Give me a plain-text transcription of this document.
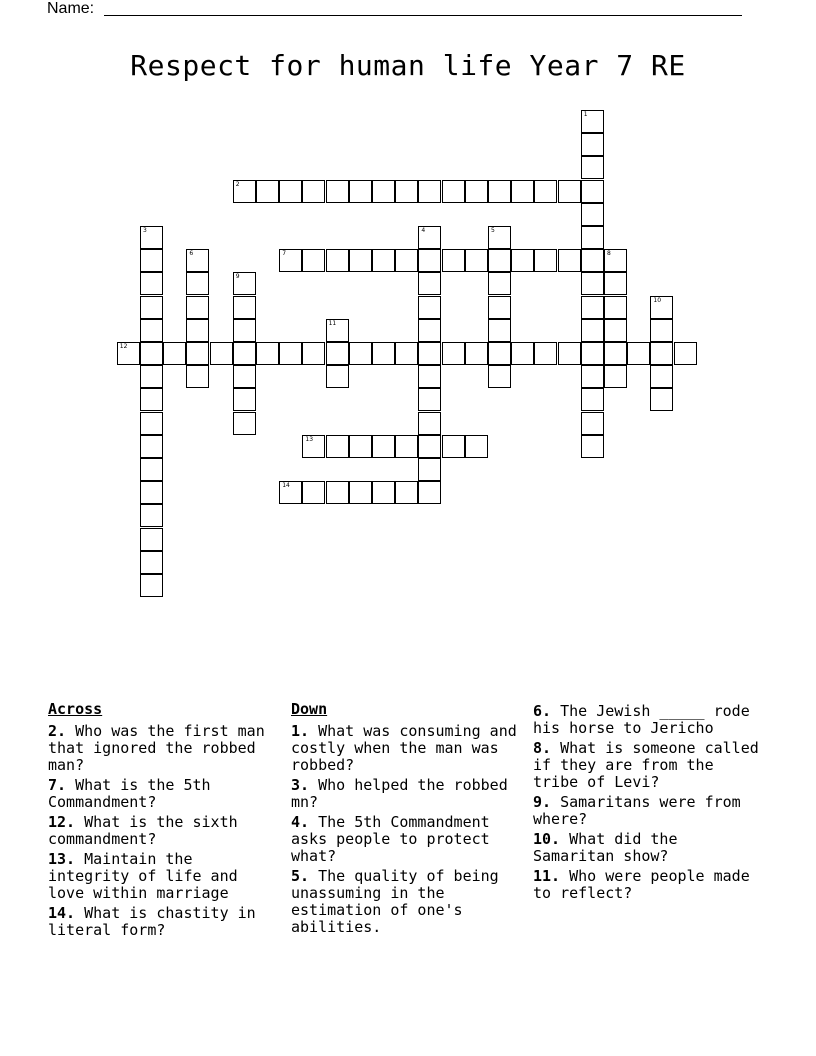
Name:
Respect for human life Year 7 RE
1
2
3	4	5
6	7	8
9
10
11
12
13
14
Across
2. Who was the first man that ignored the robbed man?
7. What is the 5th Commandment?
12. What is the sixth commandment?
13. Maintain the integrity of life and love within marriage
14. What is chastity in literal form?
Down
1. What was consuming and costly when the man was robbed?
3. Who helped the robbed mn?
4. The 5th Commandment asks people to protect what?
5. The quality of being unassuming in the estimation of one's abilities.
6. The Jewish _____ rode his horse to Jericho
8. What is someone called if they are from the tribe of Levi?
9. Samaritans were from where?
10. What did the Samaritan show?
11. Who were people made to reflect?
